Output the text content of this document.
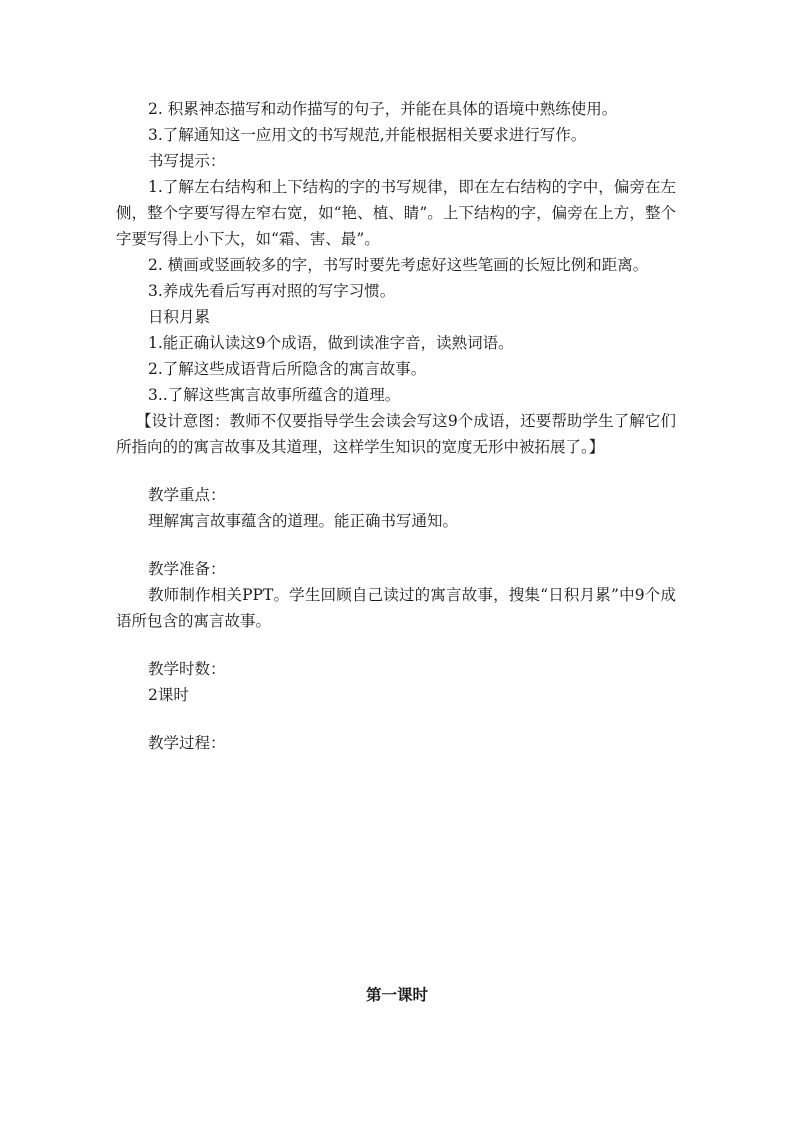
2. 积累神态描写和动作描写的句子，并能在具体的语境中熟练使用。

3.了解通知这一应用文的书写规范,并能根据相关要求进行写作。

书写提示：

1.了解左右结构和上下结构的字的书写规律，即在左右结构的字中，偏旁在左侧，整个字要写得左窄右宽，如“艳、植、睛”。上下结构的字，偏旁在上方，整个字要写得上小下大，如“霜、害、最”。

2. 横画或竖画较多的字，书写时要先考虑好这些笔画的长短比例和距离。

3.养成先看后写再对照的写字习惯。

日积月累

1.能正确认读这9个成语，做到读准字音，读熟词语。

2.了解这些成语背后所隐含的寓言故事。

3..了解这些寓言故事所蕴含的道理。

【设计意图：教师不仅要指导学生会读会写这9个成语，还要帮助学生了解它们所指向的的寓言故事及其道理，这样学生知识的宽度无形中被拓展了。】

教学重点：

理解寓言故事蕴含的道理。能正确书写通知。

教学准备：

教师制作相关PPT。学生回顾自己读过的寓言故事，搜集“日积月累”中9个成语所包含的寓言故事。

教学时数：

2课时

教学过程：

第一课时
